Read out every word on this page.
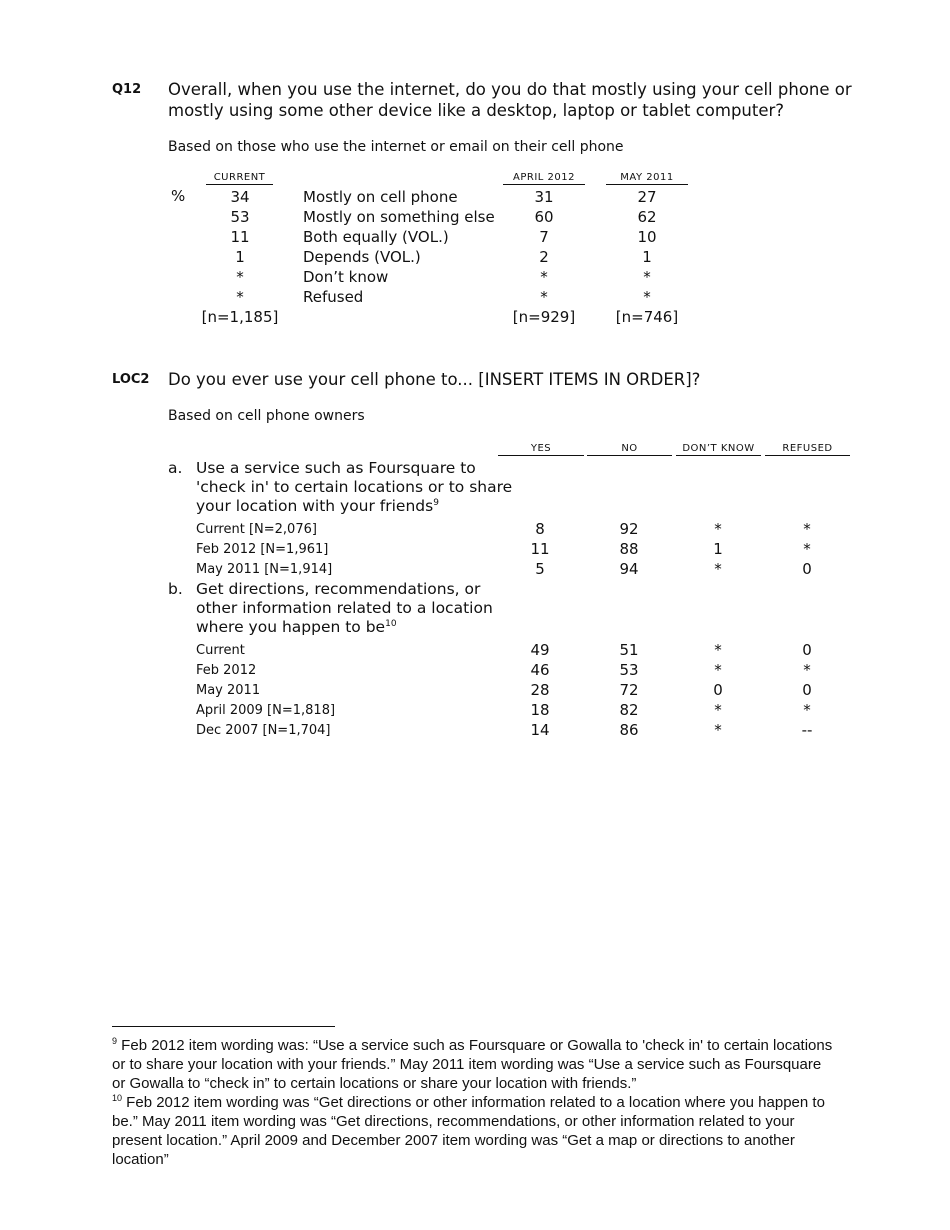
Q12 Overall, when you use the internet, do you do that mostly using your cell phone or
mostly using some other device like a desktop, laptop or tablet computer?
Based on those who use the internet or email on their cell phone
CURRENT	APRIL 2012	MAY 2011
%	34	Mostly on cell phone	31	27
53	Mostly on something else	60	62
11	Both equally (VOL.)	7	10
1	Depends (VOL.)	2	1
*	Don’t know	*	*
*	Refused	*	*
[n=1,185]	[n=929]	[n=746]
LOC2 Do you ever use your cell phone to... [INSERT ITEMS IN ORDER]?
Based on cell phone owners
YES	NO	DON’T KNOW	REFUSED
a. Use a service such as Foursquare to
'check in' to certain locations or to share
your location with your friends$^9$
Current [N=2,076]	8	92	*	*
Feb 2012 [N=1,961]	11	88	1	*
May 2011 [N=1,914]	5	94	*	0
b. Get directions, recommendations, or
other information related to a location
where you happen to $be^{10}$
Current	49	51	*	0
Feb 2012	46	53	*	*
May 2011	28	72	0	0
April 2009 [N=1,818]	18	82	*	*
Dec 2007 [N=1,704]	14	86	*	--
$^9$ Feb 2012 item wording was: “Use a service such as Foursquare or Gowalla to 'check in' to certain locations or to share your location with your friends.” May 2011 item wording was “Use a service such as Foursquare or Gowalla to “check in” to certain locations or share your location with friends.”
$^{10}$ Feb 2012 item wording was “Get directions or other information related to a location where you happen to be.” May 2011 item wording was “Get directions, recommendations, or other information related to your present location.” April 2009 and December 2007 item wording was “Get a map or directions to another location”
